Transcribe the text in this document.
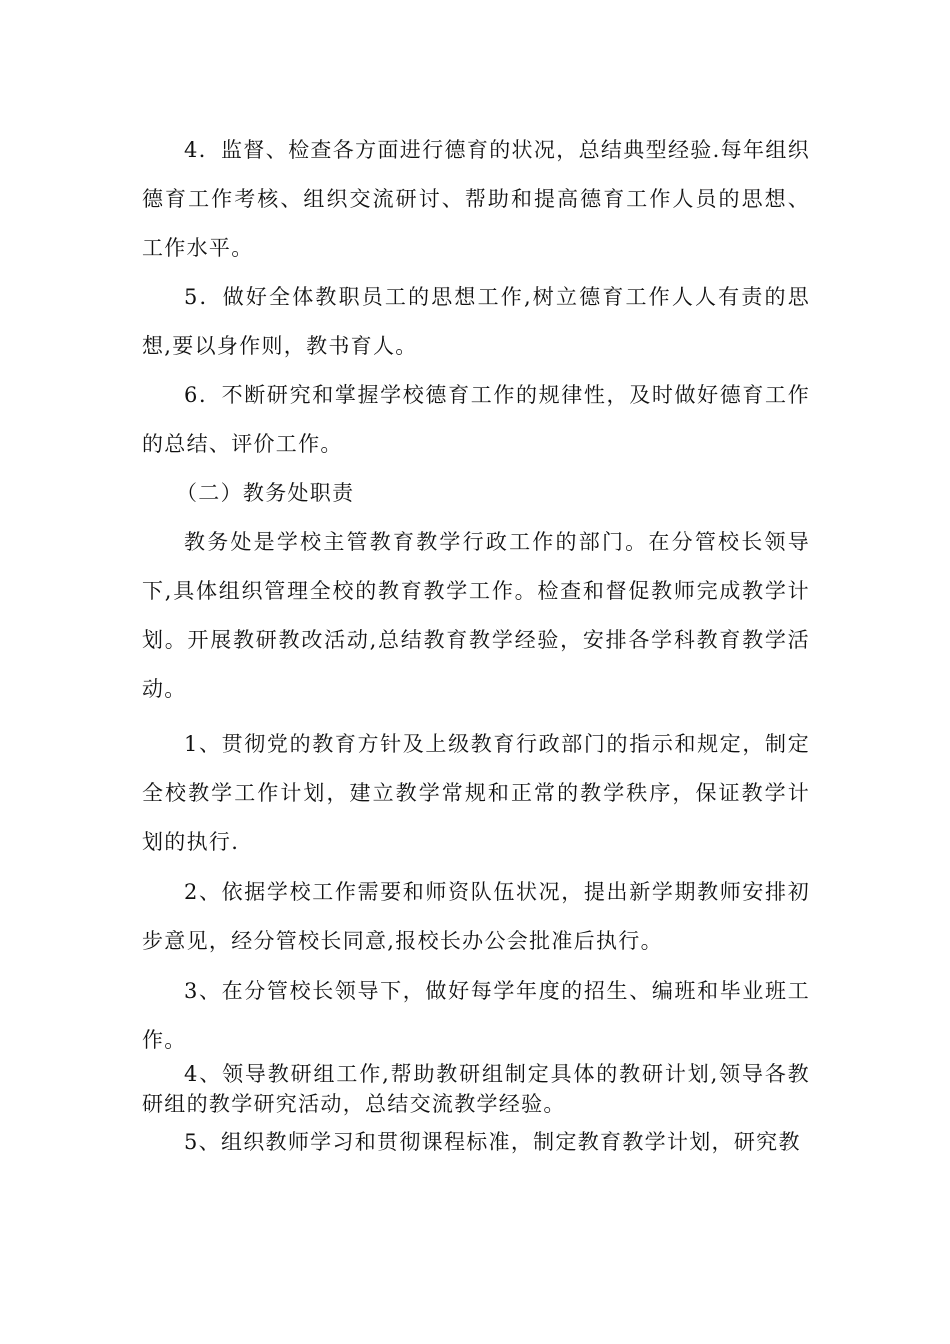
4．监督、检查各方面进行德育的状况，总结典型经验.每年组织德育工作考核、组织交流研讨、帮助和提高德育工作人员的思想、工作水平。

5．做好全体教职员工的思想工作,树立德育工作人人有责的思想,要以身作则，教书育人。

6．不断研究和掌握学校德育工作的规律性，及时做好德育工作的总结、评价工作。

（二）教务处职责

教务处是学校主管教育教学行政工作的部门。在分管校长领导下,具体组织管理全校的教育教学工作。检查和督促教师完成教学计划。开展教研教改活动,总结教育教学经验，安排各学科教育教学活动。

1、贯彻党的教育方针及上级教育行政部门的指示和规定，制定全校教学工作计划，建立教学常规和正常的教学秩序，保证教学计划的执行.

2、依据学校工作需要和师资队伍状况，提出新学期教师安排初步意见，经分管校长同意,报校长办公会批准后执行。

3、在分管校长领导下，做好每学年度的招生、编班和毕业班工作。

4、领导教研组工作,帮助教研组制定具体的教研计划,领导各教研组的教学研究活动，总结交流教学经验。

5、组织教师学习和贯彻课程标准，制定教育教学计划，研究教
